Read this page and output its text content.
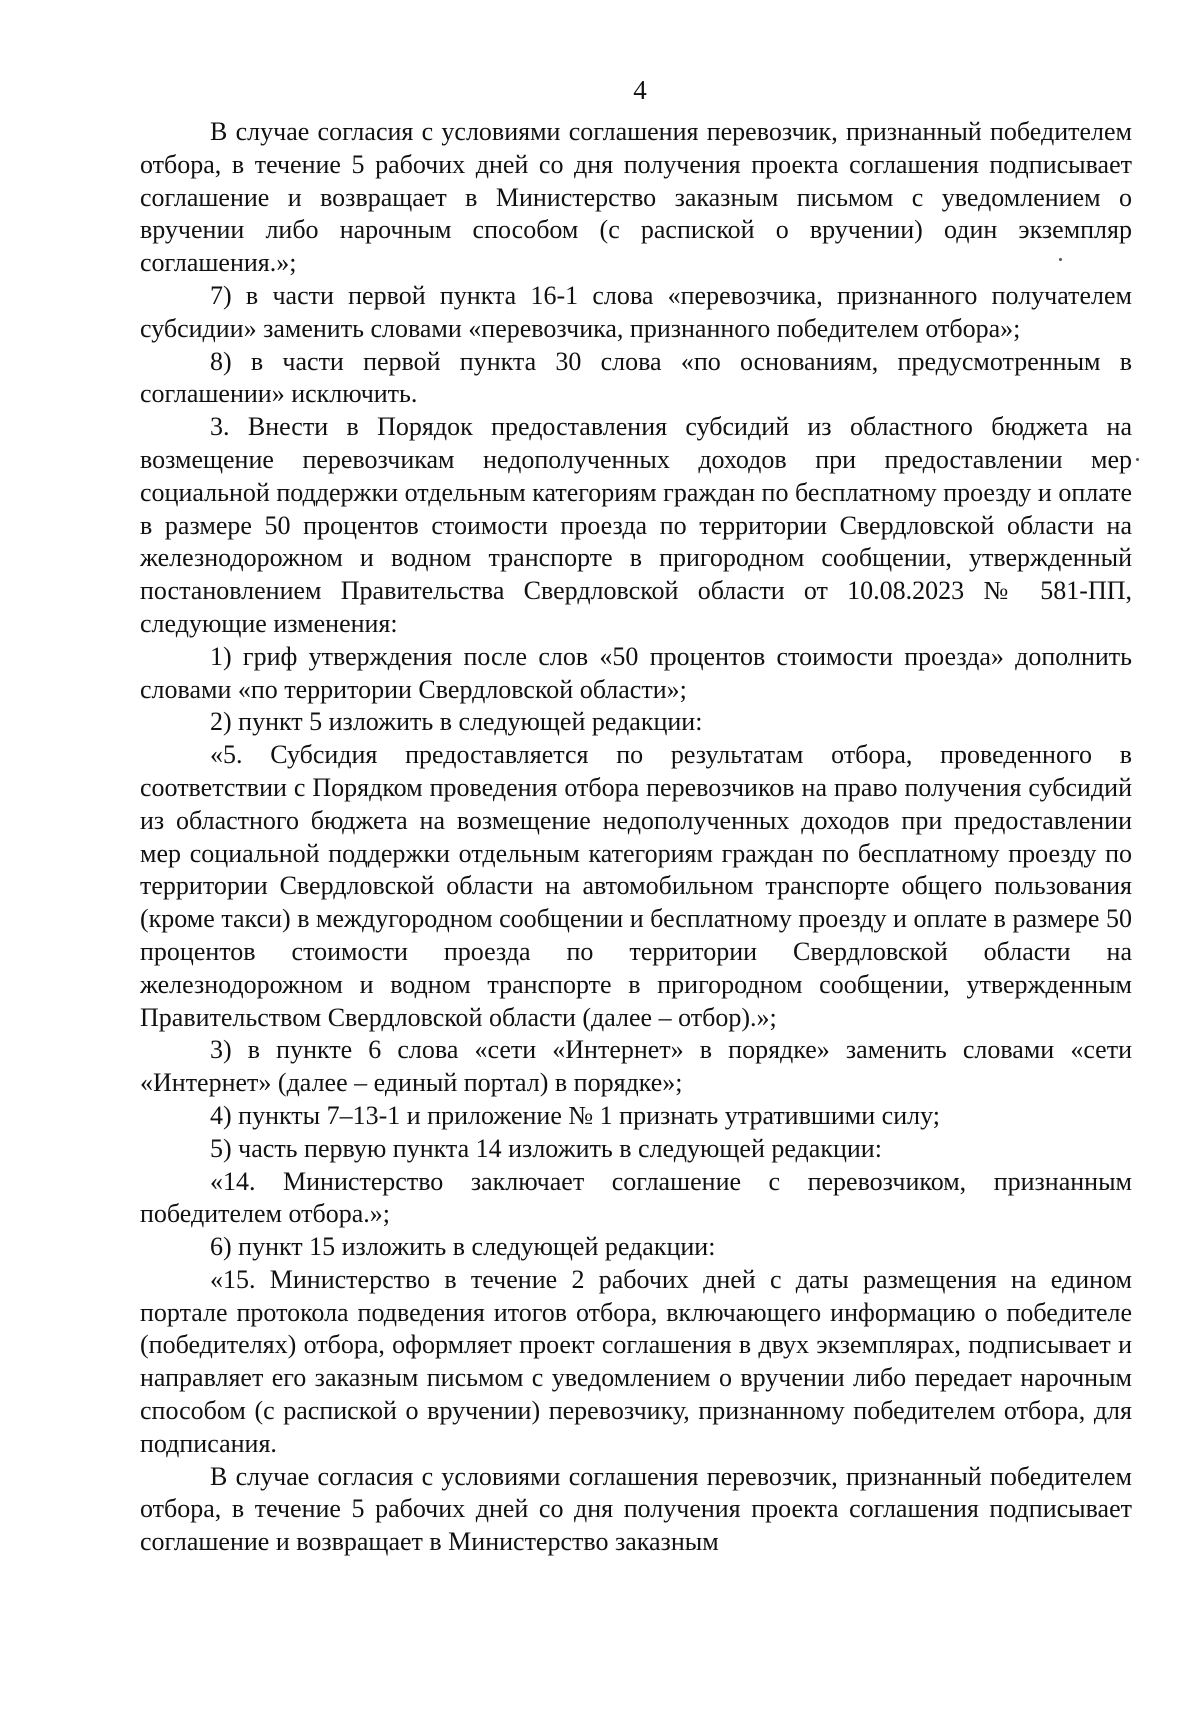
4

В случае согласия с условиями соглашения перевозчик, признанный победителем отбора, в течение 5 рабочих дней со дня получения проекта соглашения подписывает соглашение и возвращает в Министерство заказным письмом с уведомлением о вручении либо нарочным способом (с распиской о вручении) один экземпляр соглашения.»;

7) в части первой пункта 16-1 слова «перевозчика, признанного получателем субсидии» заменить словами «перевозчика, признанного победителем отбора»;

8) в части первой пункта 30 слова «по основаниям, предусмотренным в соглашении» исключить.

3. Внести в Порядок предоставления субсидий из областного бюджета на возмещение перевозчикам недополученных доходов при предоставлении мер социальной поддержки отдельным категориям граждан по бесплатному проезду и оплате в размере 50 процентов стоимости проезда по территории Свердловской области на железнодорожном и водном транспорте в пригородном сообщении, утвержденный постановлением Правительства Свердловской области от 10.08.2023 № 581-ПП, следующие изменения:

1) гриф утверждения после слов «50 процентов стоимости проезда» дополнить словами «по территории Свердловской области»;

2) пункт 5 изложить в следующей редакции:

«5. Субсидия предоставляется по результатам отбора, проведенного в соответствии с Порядком проведения отбора перевозчиков на право получения субсидий из областного бюджета на возмещение недополученных доходов при предоставлении мер социальной поддержки отдельным категориям граждан по бесплатному проезду по территории Свердловской области на автомобильном транспорте общего пользования (кроме такси) в междугородном сообщении и бесплатному проезду и оплате в размере 50 процентов стоимости проезда по территории Свердловской области на железнодорожном и водном транспорте в пригородном сообщении, утвержденным Правительством Свердловской области (далее – отбор).»;

3) в пункте 6 слова «сети «Интернет» в порядке» заменить словами «сети «Интернет» (далее – единый портал) в порядке»;

4) пункты 7–13-1 и приложение № 1 признать утратившими силу;

5) часть первую пункта 14 изложить в следующей редакции:

«14. Министерство заключает соглашение с перевозчиком, признанным победителем отбора.»;

6) пункт 15 изложить в следующей редакции:

«15. Министерство в течение 2 рабочих дней с даты размещения на едином портале протокола подведения итогов отбора, включающего информацию о победителе (победителях) отбора, оформляет проект соглашения в двух экземплярах, подписывает и направляет его заказным письмом с уведомлением о вручении либо передает нарочным способом (с распиской о вручении) перевозчику, признанному победителем отбора, для подписания.

В случае согласия с условиями соглашения перевозчик, признанный победителем отбора, в течение 5 рабочих дней со дня получения проекта соглашения подписывает соглашение и возвращает в Министерство заказным
